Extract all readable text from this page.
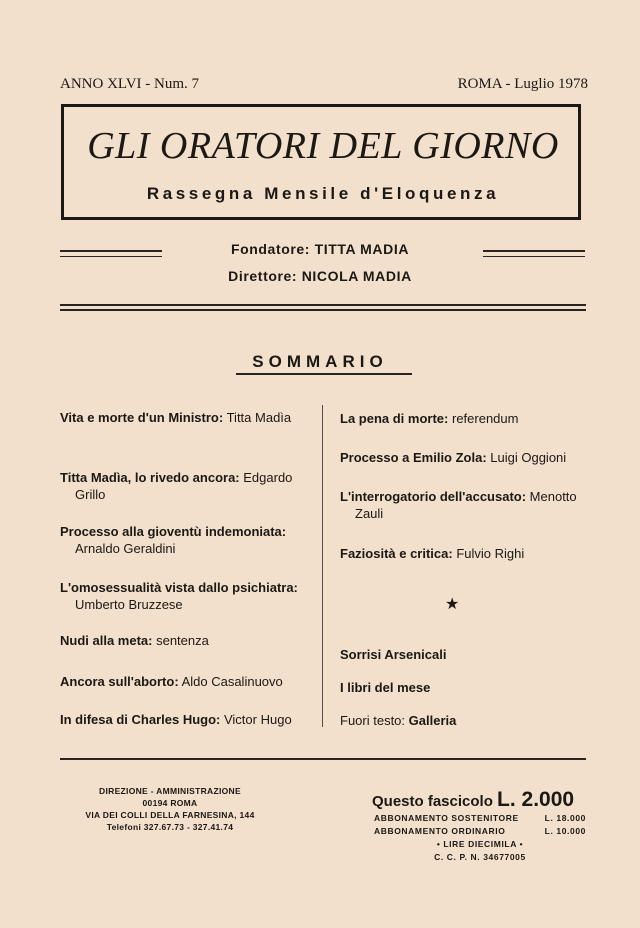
ANNO XLVI - Num. 7	ROMA - Luglio 1978
GLI ORATORI DEL GIORNO
Rassegna Mensile d'Eloquenza
Fondatore: TITTA MADIA
Direttore: NICOLA MADIA
SOMMARIO
Vita e morte d'un Ministro: Titta Madìa
Titta Madìa, lo rivedo ancora: Edgardo Grillo
Processo alla gioventù indemoniata: Arnaldo Geraldini
L'omosessualità vista dallo psichiatra: Umberto Bruzzese
Nudi alla meta: sentenza
Ancora sull'aborto: Aldo Casalinuovo
In difesa di Charles Hugo: Victor Hugo
La pena di morte: referendum
Processo a Emilio Zola: Luigi Oggioni
L'interrogatorio dell'accusato: Menotto Zauli
Faziosità e critica: Fulvio Righi
★
Sorrisi Arsenicali
I libri del mese
Fuori testo: Galleria
DIREZIONE - AMMINISTRAZIONE
00194 ROMA
VIA DEI COLLI DELLA FARNESINA, 144
Telefoni 327.67.73 - 327.41.74
Questo fascicolo L. 2.000
ABBONAMENTO SOSTENITORE	L. 18.000
ABBONAMENTO ORDINARIO	L. 10.000
• LIRE DIECIMILA •
C. C. P. N. 34677005
